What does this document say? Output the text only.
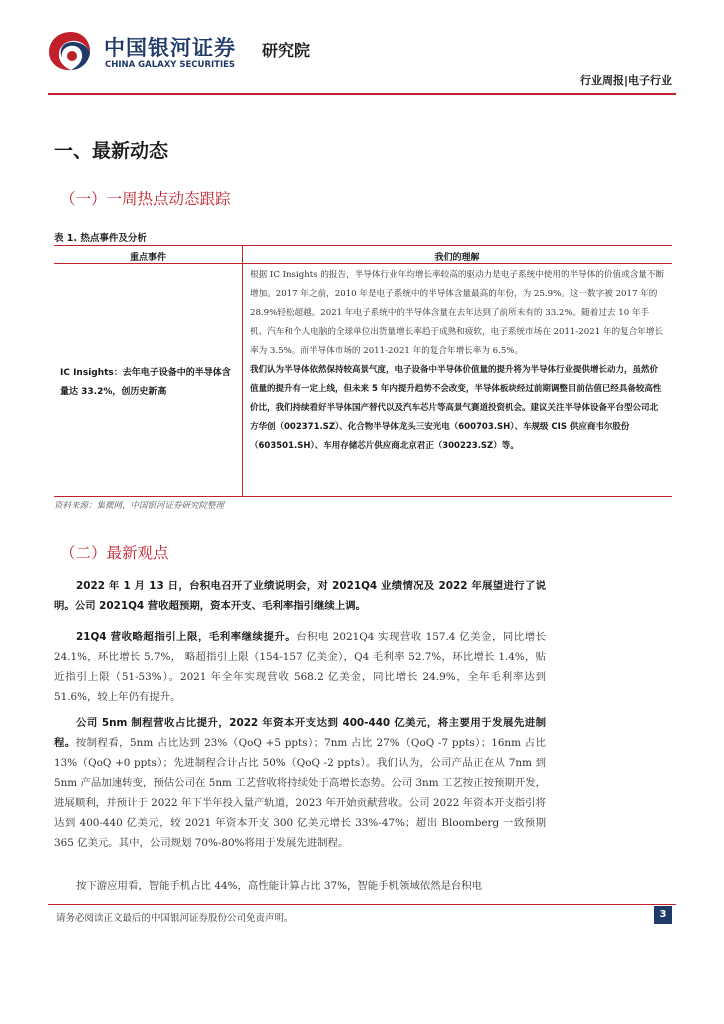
中国银河证券
CHINA GALAXY SECURITIES
研究院
行业周报|电子行业
一、最新动态
（一）一周热点动态跟踪
表 1. 热点事件及分析
重点事件	我们的理解
IC Insights：去年电子设备中的半导体含量达 33.2%，创历史新高

根据 IC Insights 的报告，半导体行业年均增长率较高的驱动力是电子系统中使用的半导体的价值或含量不断增加。2017 年之前，2010 年是电子系统中的半导体含量最高的年份，为 25.9%。这一数字被 2017 年的 28.9%轻松超越。2021 年电子系统中的半导体含量在去年达到了前所未有的 33.2%。随着过去 10 年手机、汽车和个人电脑的全球单位出货量增长率趋于成熟和疲软，电子系统市场在 2011-2021 年的复合年增长率为 3.5%。而半导体市场的 2011-2021 年的复合年增长率为 6.5%。

我们认为半导体依然保持较高景气度，电子设备中半导体价值量的提升将为半导体行业提供增长动力，虽然价值量的提升有一定上线，但未来 5 年内提升趋势不会改变，半导体板块经过前期调整目前估值已经具备较高性价比，我们持续看好半导体国产替代以及汽车芯片等高景气赛道投资机会。建议关注半导体设备平台型公司北方华创（002371.SZ）、化合物半导体龙头三安光电（600703.SH）、车规级 CIS 供应商韦尔股份（603501.SH）、车用存储芯片供应商北京君正（300223.SZ）等。

资料来源：集微网，中国银河证券研究院整理
（二）最新观点
2022 年 1 月 13 日，台积电召开了业绩说明会，对 2021Q4 业绩情况及 2022 年展望进行了说明。公司 2021Q4 营收超预期，资本开支、毛利率指引继续上调。
21Q4 营收略超指引上限，毛利率继续提升。台积电 2021Q4 实现营收 157.4 亿美金，同比增长 24.1%，环比增长 5.7%， 略超指引上限（154-157 亿美金），Q4 毛利率 52.7%，环比增长 1.4%，贴近指引上限（51-53%）。2021 年全年实现营收 568.2 亿美金，同比增长 24.9%，全年毛利率达到 51.6%，较上年仍有提升。
公司 5nm 制程营收占比提升，2022 年资本开支达到 400-440 亿美元，将主要用于发展先进制程。按制程看，5nm 占比达到 23%（QoQ +5 ppts）；7nm 占比 27%（QoQ -7 ppts）；16nm 占比 13%（QoQ +0 ppts）；先进制程合计占比 50%（QoQ -2 ppts）。我们认为，公司产品正在从 7nm 到 5nm 产品加速转变，预估公司在 5nm 工艺营收将持续处于高增长态势。公司 3nm 工艺按正按预期开发，进展顺利，并预计于 2022 年下半年投入量产轨道，2023 年开始贡献营收。公司 2022 年资本开支指引将达到 400-440 亿美元，较 2021 年资本开支 300 亿美元增长 33%-47%；超出 Bloomberg 一致预期 365 亿美元。其中，公司规划 70%-80%将用于发展先进制程。
按下游应用看，智能手机占比 44%，高性能计算占比 37%，智能手机领域依然是台积电
请务必阅读正文最后的中国银河证券股份公司免责声明。	3
